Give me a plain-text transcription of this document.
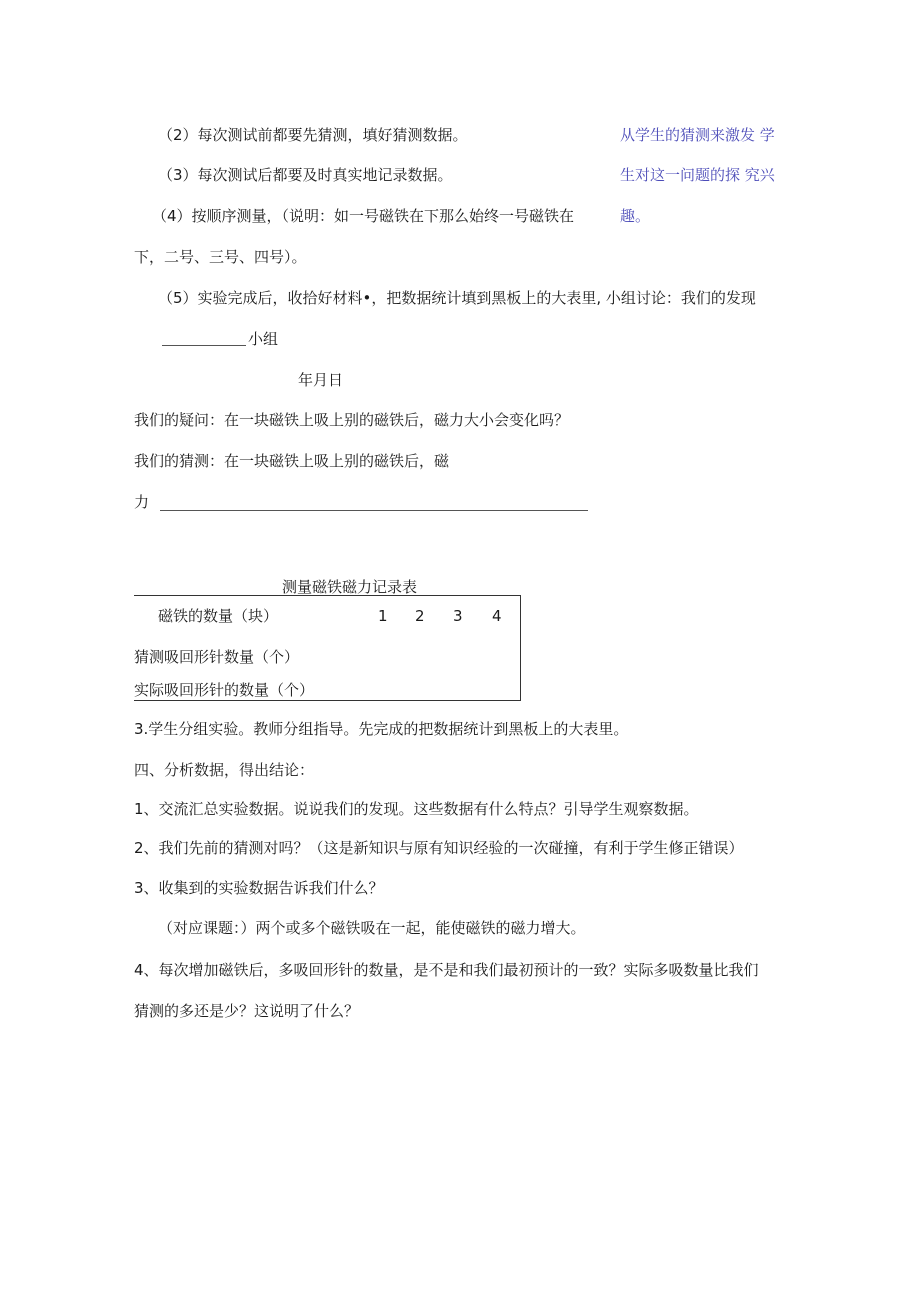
（2）每次测试前都要先猜测，填好猜测数据。
（3）每次测试后都要及时真实地记录数据。
（4）按顺序测量，（说明：如一号磁铁在下那么始终一号磁铁在
下，二号、三号、四号）。
（5）实验完成后，收拾好材料•，把数据统计填到黑板上的大表里, 小组讨论：我们的发现
从学生的猜测来激发 学
生对这一问题的探 究兴
趣。
小组
年月日
我们的疑问：在一块磁铁上吸上别的磁铁后，磁力大小会变化吗？
我们的猜测：在一块磁铁上吸上别的磁铁后，磁
力
测量磁铁磁力记录表
磁铁的数量（块）	1 2 3 4
猜测吸回形针数量（个）
实际吸回形针的数量（个）
3.学生分组实验。教师分组指导。先完成的把数据统计到黑板上的大表里。
四、分析数据，得出结论：
1、交流汇总实验数据。说说我们的发现。这些数据有什么特点？引导学生观察数据。
2、我们先前的猜测对吗？（这是新知识与原有知识经验的一次碰撞，有利于学生修正错误）
3、收集到的实验数据告诉我们什么？
（对应课题：）两个或多个磁铁吸在一起，能使磁铁的磁力增大。
4、每次增加磁铁后，多吸回形针的数量，是不是和我们最初预计的一致？实际多吸数量比我们
猜测的多还是少？这说明了什么？
